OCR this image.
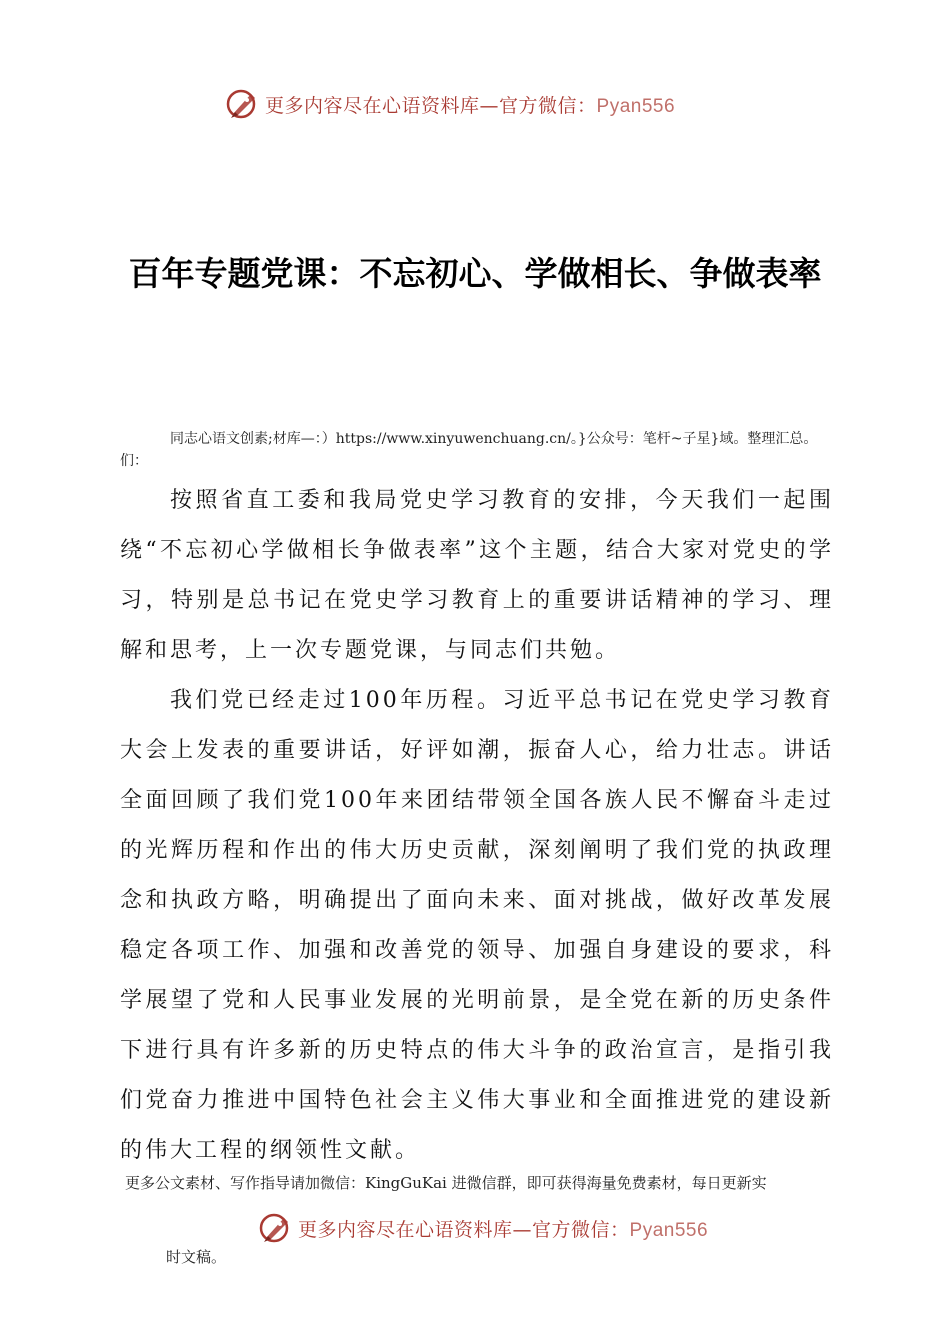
更多内容尽在心语资料库—官方微信：Pyan556
百年专题党课：不忘初心、学做相长、争做表率
同志心语文创素;材库—：）https://www.xinyuwenchuang.cn/。}公众号：笔杆~子星}域。整理汇总。们：

按照省直工委和我局党史学习教育的安排，今天我们一起围绕“不忘初心学做相长争做表率”这个主题，结合大家对党史的学习，特别是总书记在党史学习教育上的重要讲话精神的学习、理解和思考，上一次专题党课，与同志们共勉。

我们党已经走过100年历程。习近平总书记在党史学习教育大会上发表的重要讲话，好评如潮，振奋人心，给力壮志。讲话全面回顾了我们党100年来团结带领全国各族人民不懈奋斗走过的光辉历程和作出的伟大历史贡献，深刻阐明了我们党的执政理念和执政方略，明确提出了面向未来、面对挑战，做好改革发展稳定各项工作、加强和改善党的领导、加强自身建设的要求，科学展望了党和人民事业发展的光明前景，是全党在新的历史条件下进行具有许多新的历史特点的伟大斗争的政治宣言，是指引我们党奋力推进中国特色社会主义伟大事业和全面推进党的建设新的伟大工程的纲领性文献。

更多公文素材、写作指导请加微信：KingGuKai 进微信群，即可获得海量免费素材，每日更新实
更多内容尽在心语资料库—官方微信：Pyan556
时文稿。
